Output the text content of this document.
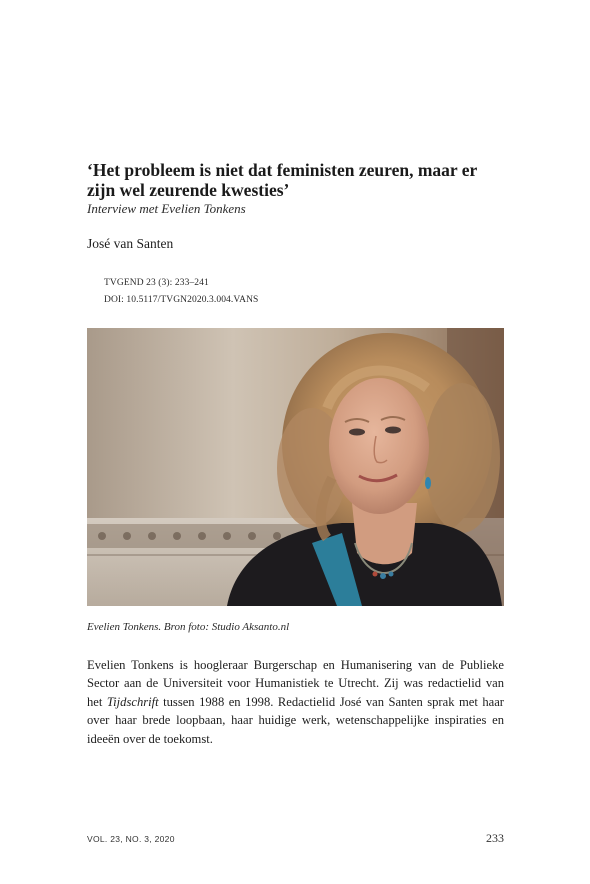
‘Het probleem is niet dat feministen zeuren, maar er zijn wel zeurende kwesties’
Interview met Evelien Tonkens
José van Santen
TVGEND 23 (3): 233–241
DOI: 10.5117/TVGN2020.3.004.VANS
Evelien Tonkens. Bron foto: Studio Aksanto.nl

Evelien Tonkens is hoogleraar Burgerschap en Humanisering van de Publieke Sector aan de Universiteit voor Humanistiek te Utrecht. Zij was redactielid van het Tijdschrift tussen 1988 en 1998. Redactielid José van Santen sprak met haar over haar brede loopbaan, haar huidige werk, wetenschappelijke inspiraties en ideeën over de toekomst.

VOL. 23, NO. 3, 2020	233
